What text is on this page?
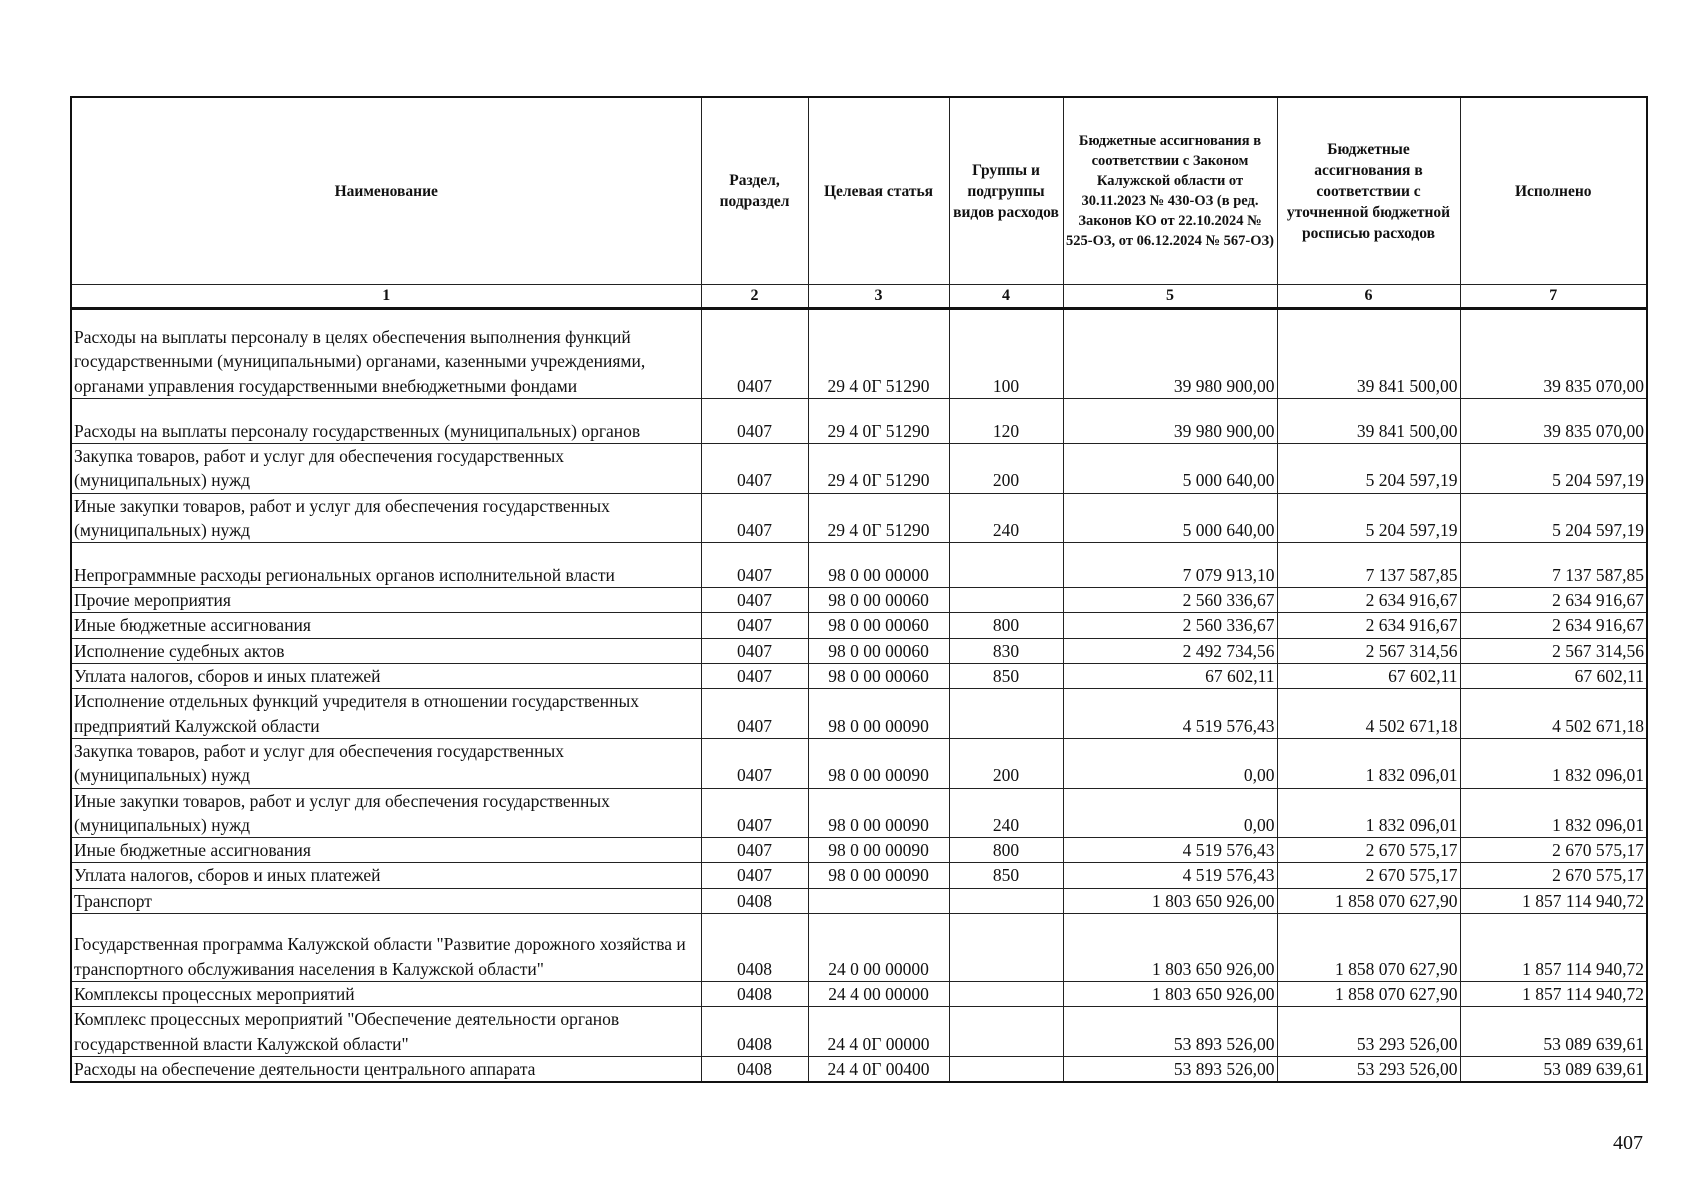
Наименование	Раздел, подраздел	Целевая статья	Группы и подгруппы видов расходов	Бюджетные ассигнования в соответствии с Законом Калужской области от 30.11.2023 № 430-ОЗ (в ред. Законов КО от 22.10.2024 № 525-ОЗ, от 06.12.2024 № 567-ОЗ)	Бюджетные ассигнования в соответствии с уточненной бюджетной росписью расходов	Исполнено
1	2	3	4	5	6	7
Расходы на выплаты персоналу в целях обеспечения выполнения функций государственными (муниципальными) органами, казенными учреждениями, органами управления государственными внебюджетными фондами	0407	29 4 0Г 51290	100	39 980 900,00	39 841 500,00	39 835 070,00
Расходы на выплаты персоналу государственных (муниципальных) органов	0407	29 4 0Г 51290	120	39 980 900,00	39 841 500,00	39 835 070,00
Закупка товаров, работ и услуг для обеспечения государственных (муниципальных) нужд	0407	29 4 0Г 51290	200	5 000 640,00	5 204 597,19	5 204 597,19
Иные закупки товаров, работ и услуг для обеспечения государственных (муниципальных) нужд	0407	29 4 0Г 51290	240	5 000 640,00	5 204 597,19	5 204 597,19
Непрограммные расходы региональных органов исполнительной власти	0407	98 0 00 00000		7 079 913,10	7 137 587,85	7 137 587,85
Прочие мероприятия	0407	98 0 00 00060		2 560 336,67	2 634 916,67	2 634 916,67
Иные бюджетные ассигнования	0407	98 0 00 00060	800	2 560 336,67	2 634 916,67	2 634 916,67
Исполнение судебных актов	0407	98 0 00 00060	830	2 492 734,56	2 567 314,56	2 567 314,56
Уплата налогов, сборов и иных платежей	0407	98 0 00 00060	850	67 602,11	67 602,11	67 602,11
Исполнение отдельных функций учредителя в отношении государственных предприятий Калужской области	0407	98 0 00 00090		4 519 576,43	4 502 671,18	4 502 671,18
Закупка товаров, работ и услуг для обеспечения государственных (муниципальных) нужд	0407	98 0 00 00090	200	0,00	1 832 096,01	1 832 096,01
Иные закупки товаров, работ и услуг для обеспечения государственных (муниципальных) нужд	0407	98 0 00 00090	240	0,00	1 832 096,01	1 832 096,01
Иные бюджетные ассигнования	0407	98 0 00 00090	800	4 519 576,43	2 670 575,17	2 670 575,17
Уплата налогов, сборов и иных платежей	0407	98 0 00 00090	850	4 519 576,43	2 670 575,17	2 670 575,17
Транспорт	0408			1 803 650 926,00	1 858 070 627,90	1 857 114 940,72
Государственная программа Калужской области "Развитие дорожного хозяйства и транспортного обслуживания населения в Калужской области"	0408	24 0 00 00000		1 803 650 926,00	1 858 070 627,90	1 857 114 940,72
Комплексы процессных мероприятий	0408	24 4 00 00000		1 803 650 926,00	1 858 070 627,90	1 857 114 940,72
Комплекс процессных мероприятий "Обеспечение деятельности органов государственной власти Калужской области"	0408	24 4 0Г 00000		53 893 526,00	53 293 526,00	53 089 639,61
Расходы на обеспечение деятельности центрального аппарата	0408	24 4 0Г 00400		53 893 526,00	53 293 526,00	53 089 639,61
407
